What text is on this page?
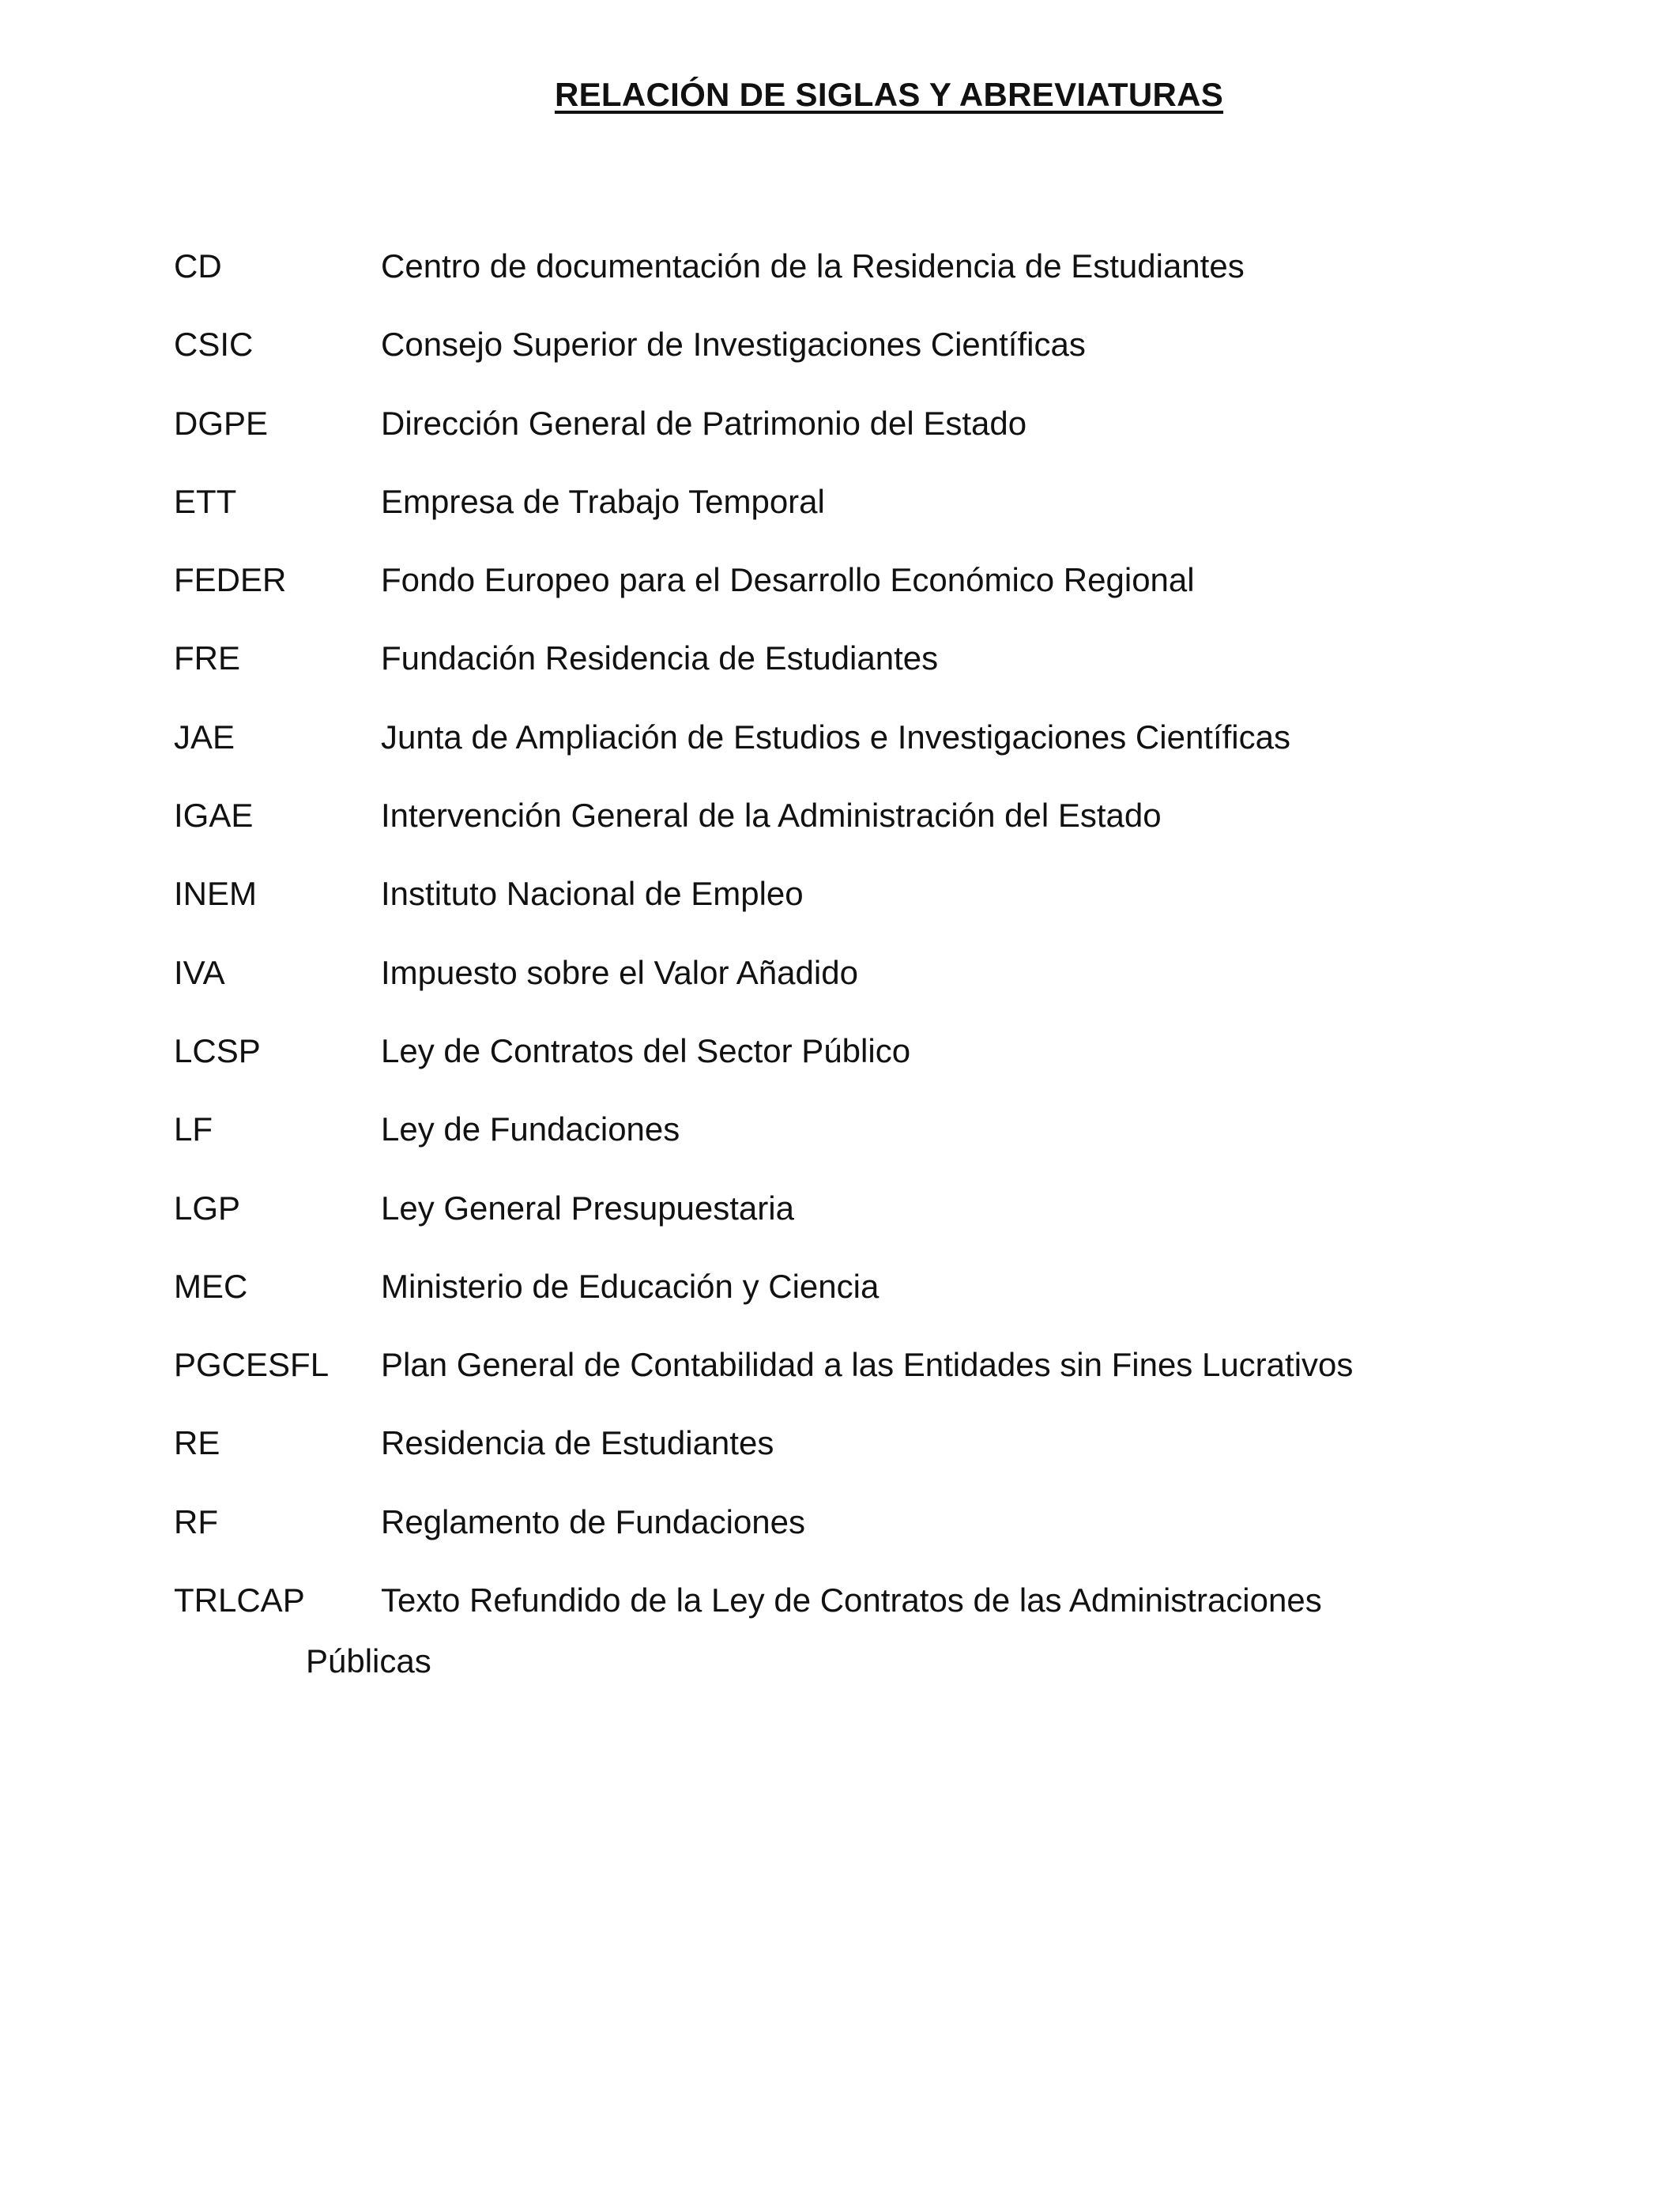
RELACIÓN DE SIGLAS Y ABREVIATURAS
CD	Centro de documentación de la Residencia de Estudiantes
CSIC	Consejo Superior de Investigaciones Científicas
DGPE	Dirección General de Patrimonio del Estado
ETT	Empresa de Trabajo Temporal
FEDER	Fondo Europeo para el Desarrollo Económico Regional
FRE	Fundación Residencia de Estudiantes
JAE	Junta de Ampliación de Estudios e Investigaciones Científicas
IGAE	Intervención General de la Administración del Estado
INEM	Instituto Nacional de Empleo
IVA	Impuesto sobre el Valor Añadido
LCSP	Ley de Contratos del Sector Público
LF	Ley de Fundaciones
LGP	Ley General Presupuestaria
MEC	Ministerio de Educación y Ciencia
PGCESFL Plan General de Contabilidad a las Entidades sin Fines Lucrativos
RE	Residencia de Estudiantes
RF	Reglamento de Fundaciones
TRLCAP Texto Refundido de la Ley de Contratos de las Administraciones
Públicas
